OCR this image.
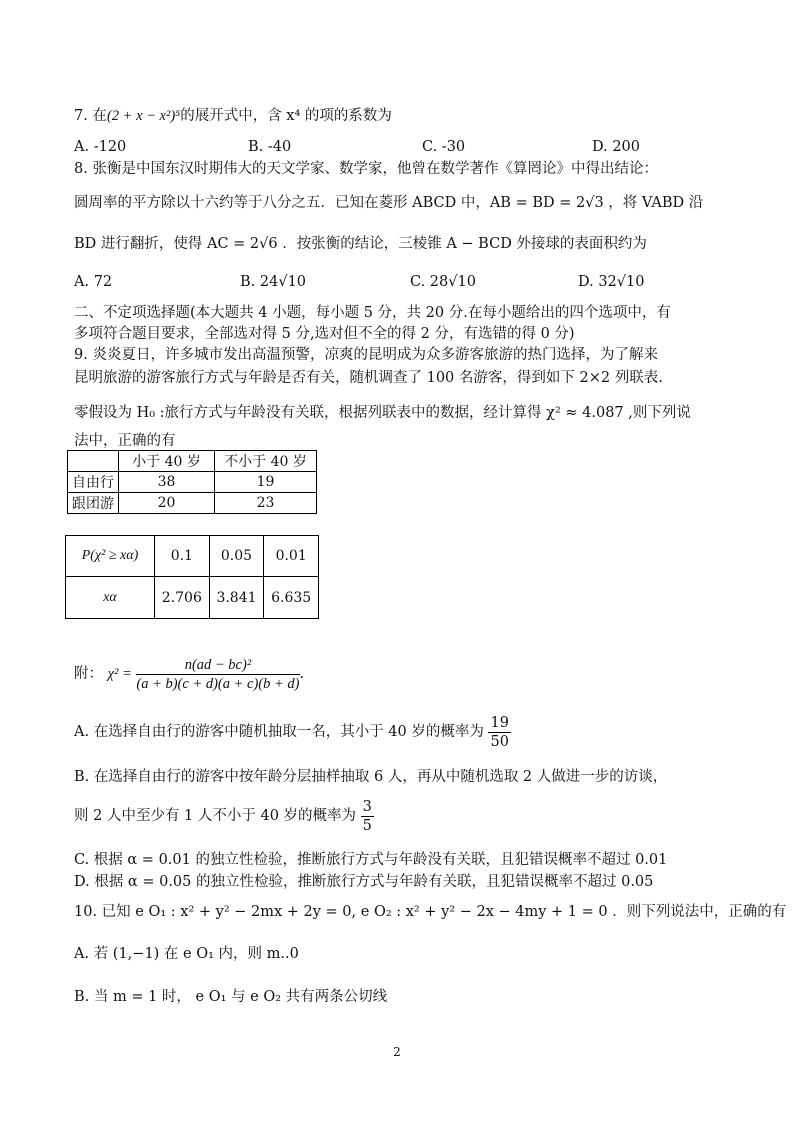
7. 在(2 + x − x²)⁵的展开式中，含 x⁴ 的项的系数为
A. -120	B. -40	C. -30	D. 200
8. 张衡是中国东汉时期伟大的天文学家、数学家，他曾在数学著作《算罔论》中得出结论：
圆周率的平方除以十六约等于八分之五．已知在菱形 ABCD 中，AB = BD = 2√3 ，将 VABD 沿
BD 进行翻折，使得 AC = 2√6 ．按张衡的结论，三棱锥 A − BCD 外接球的表面积约为
A. 72	B. 24√10	C. 28√10	D. 32√10
二、不定项选择题(本大题共 4 小题，每小题 5 分，共 20 分.在每小题给出的四个选项中，有
多项符合题目要求，全部选对得 5 分,选对但不全的得 2 分，有选错的得 0 分)
9. 炎炎夏日，许多城市发出高温预警，凉爽的昆明成为众多游客旅游的热门选择，为了解来
昆明旅游的游客旅行方式与年龄是否有关，随机调查了 100 名游客，得到如下 2×2 列联表.
零假设为 H₀ :旅行方式与年龄没有关联，根据列联表中的数据，经计算得 χ² ≈ 4.087 ,则下列说
法中，正确的有
	小于 40 岁	不小于 40 岁
自由行	38	19
跟团游	20	23
P(χ² ≥ xα)	0.1	0.05	0.01
xα	2.706	3.841	6.635
附： $\chi^2 = \frac{\text{n(ad − bc)²}}{(a + b)(c + d)(a + c)(b + d)}$ .
A. 在选择自由行的游客中随机抽取一名，其小于 40 岁的概率为 $\frac{19}{50}$
B. 在选择自由行的游客中按年龄分层抽样抽取 6 人，再从中随机选取 2 人做进一步的访谈，
则 2 人中至少有 1 人不小于 40 岁的概率为 $\frac{3}{5}$
C. 根据 α = 0.01 的独立性检验，推断旅行方式与年龄没有关联，且犯错误概率不超过 0.01
D. 根据 α = 0.05 的独立性检验，推断旅行方式与年龄有关联，且犯错误概率不超过 0.05
10. 已知 e O₁ : x² + y² − 2mx + 2y = 0, e O₂ : x² + y² − 2x − 4my + 1 = 0 ．则下列说法中，正确的有
A. 若 (1,−1) 在 e O₁ 内，则 m..0
B. 当 m = 1 时， e O₁ 与 e O₂ 共有两条公切线
2
